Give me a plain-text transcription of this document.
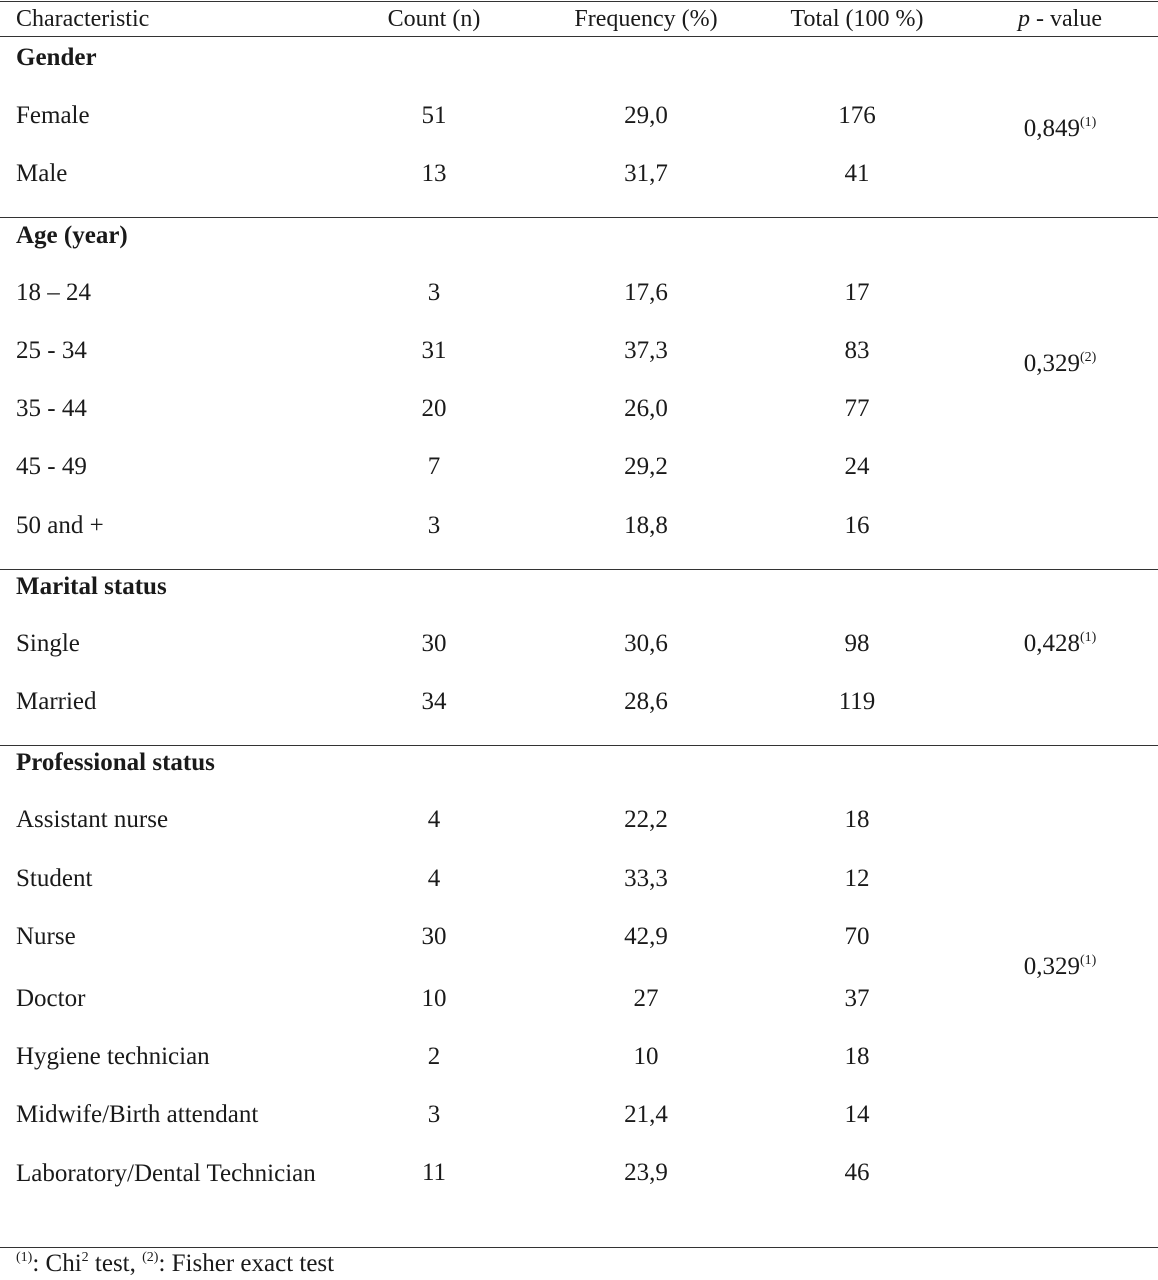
Characteristic	Count (n)	Frequency (%)	Total (100 %)	p - value
Gender
Female	51	29,0	176
Male	13	31,7	41
0,849$^{(1)}$
Age (year)
18 – 24	3	17,6	17
25 - 34	31	37,3	83
35 - 44	20	26,0	77
45 - 49	7	29,2	24
50 and +	3	18,8	16
0,329$^{(2)}$
Marital status
Single	30	30,6	98
Married	34	28,6	119
0,428$^{(1)}$
Professional status
Assistant nurse	4	22,2	18
Student	4	33,3	12
Nurse	30	42,9	70
Doctor	10	27	37
Hygiene technician	2	10	18
Midwife/Birth attendant	3	21,4	14
Laboratory/Dental Technician	11	23,9	46
0,329$^{(1)}$
$^{(1)}$: Chi$^2$ test, $^{(2)}$: Fisher exact test
